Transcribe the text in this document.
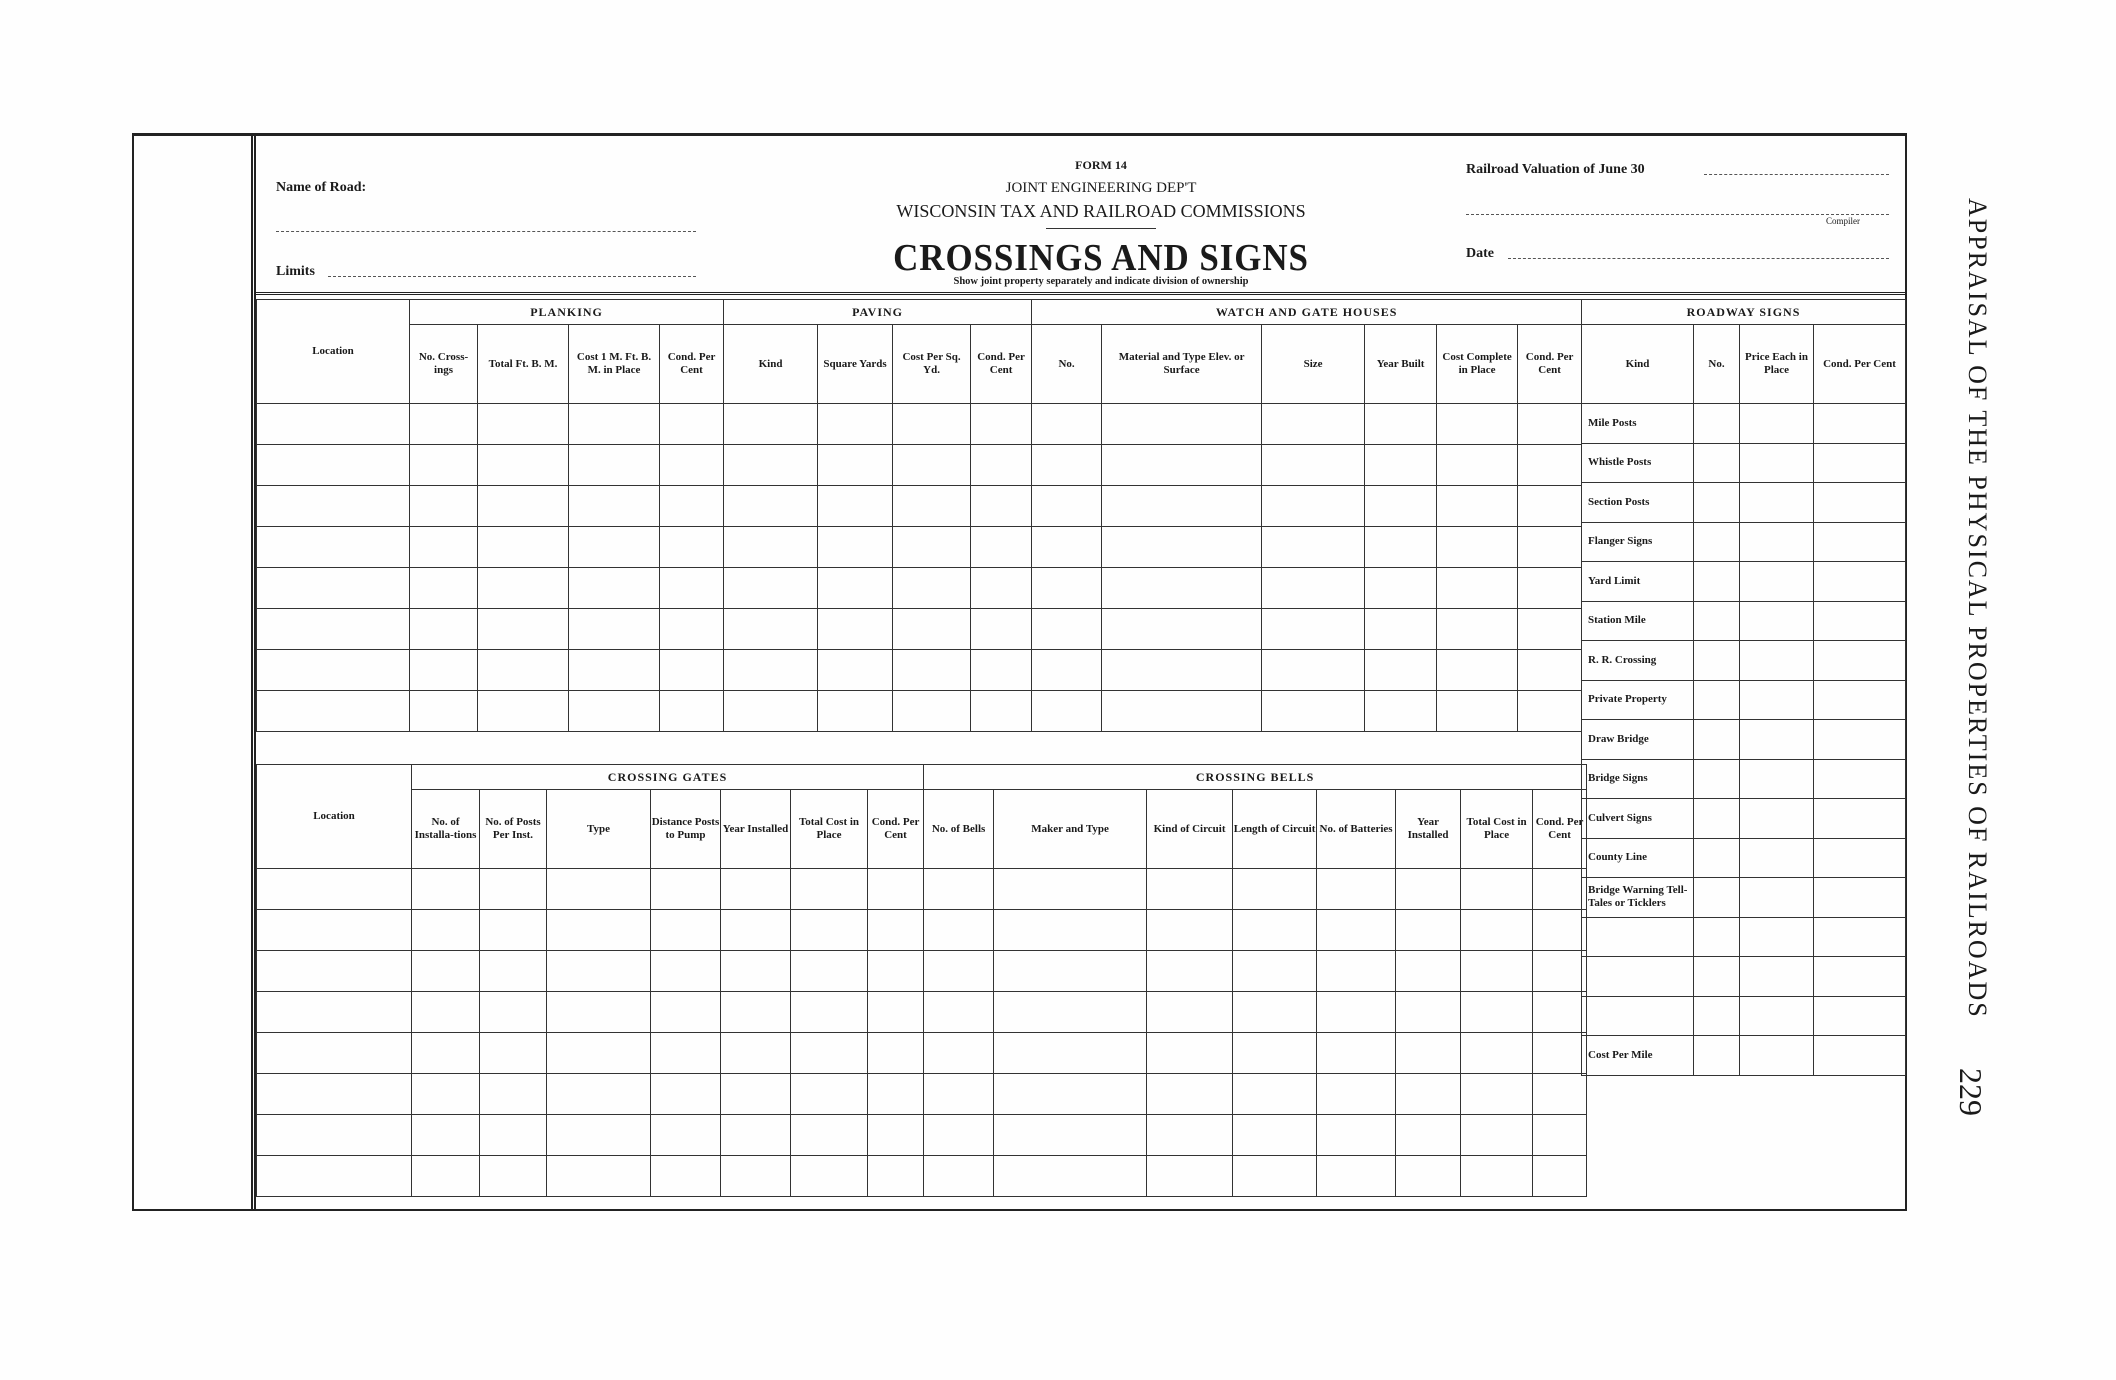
Name of Road:
Limits
FORM 14
JOINT ENGINEERING DEP'T
WISCONSIN TAX AND RAILROAD COMMISSIONS
CROSSINGS AND SIGNS
Show joint property separately and indicate division of ownership
Railroad Valuation of June 30
Compiler
Date
Location	PLANKING				PAVING				WATCH AND GATE HOUSES					
	No. Cross-ings	Total Ft. B. M.	Cost 1 M. Ft. B. M. in Place	Cond. Per Cent	Kind	Square Yards	Cost Per Sq. Yd.	Cond. Per Cent	No.	Material and Type Elev. or Surface	Size	Year Built	Cost Complete in Place	Cond. Per Cent

Location	CROSSING GATES							CROSSING BELLS							
	No. of Installa-tions	No. of Posts Per Inst.	Type	Distance Posts to Pump	Year Installed	Total Cost in Place	Cond. Per Cent	No. of Bells	Maker and Type	Kind of Circuit	Length of Circuit	No. of Batteries	Year Installed	Total Cost in Place	Cond. Per Cent

ROADWAY SIGNS			
Kind	No.	Price Each in Place	Cond. Per Cent
Mile Posts			
Whistle Posts			
Section Posts			
Flanger Signs			
Yard Limit			
Station Mile			
R. R. Crossing			
Private Property			
Draw Bridge			
Bridge Signs			
Culvert Signs			
County Line			
Bridge Warning Tell-Tales or Ticklers			

Cost Per Mile			
APPRAISAL OF THE PHYSICAL PROPERTIES OF RAILROADS
229
